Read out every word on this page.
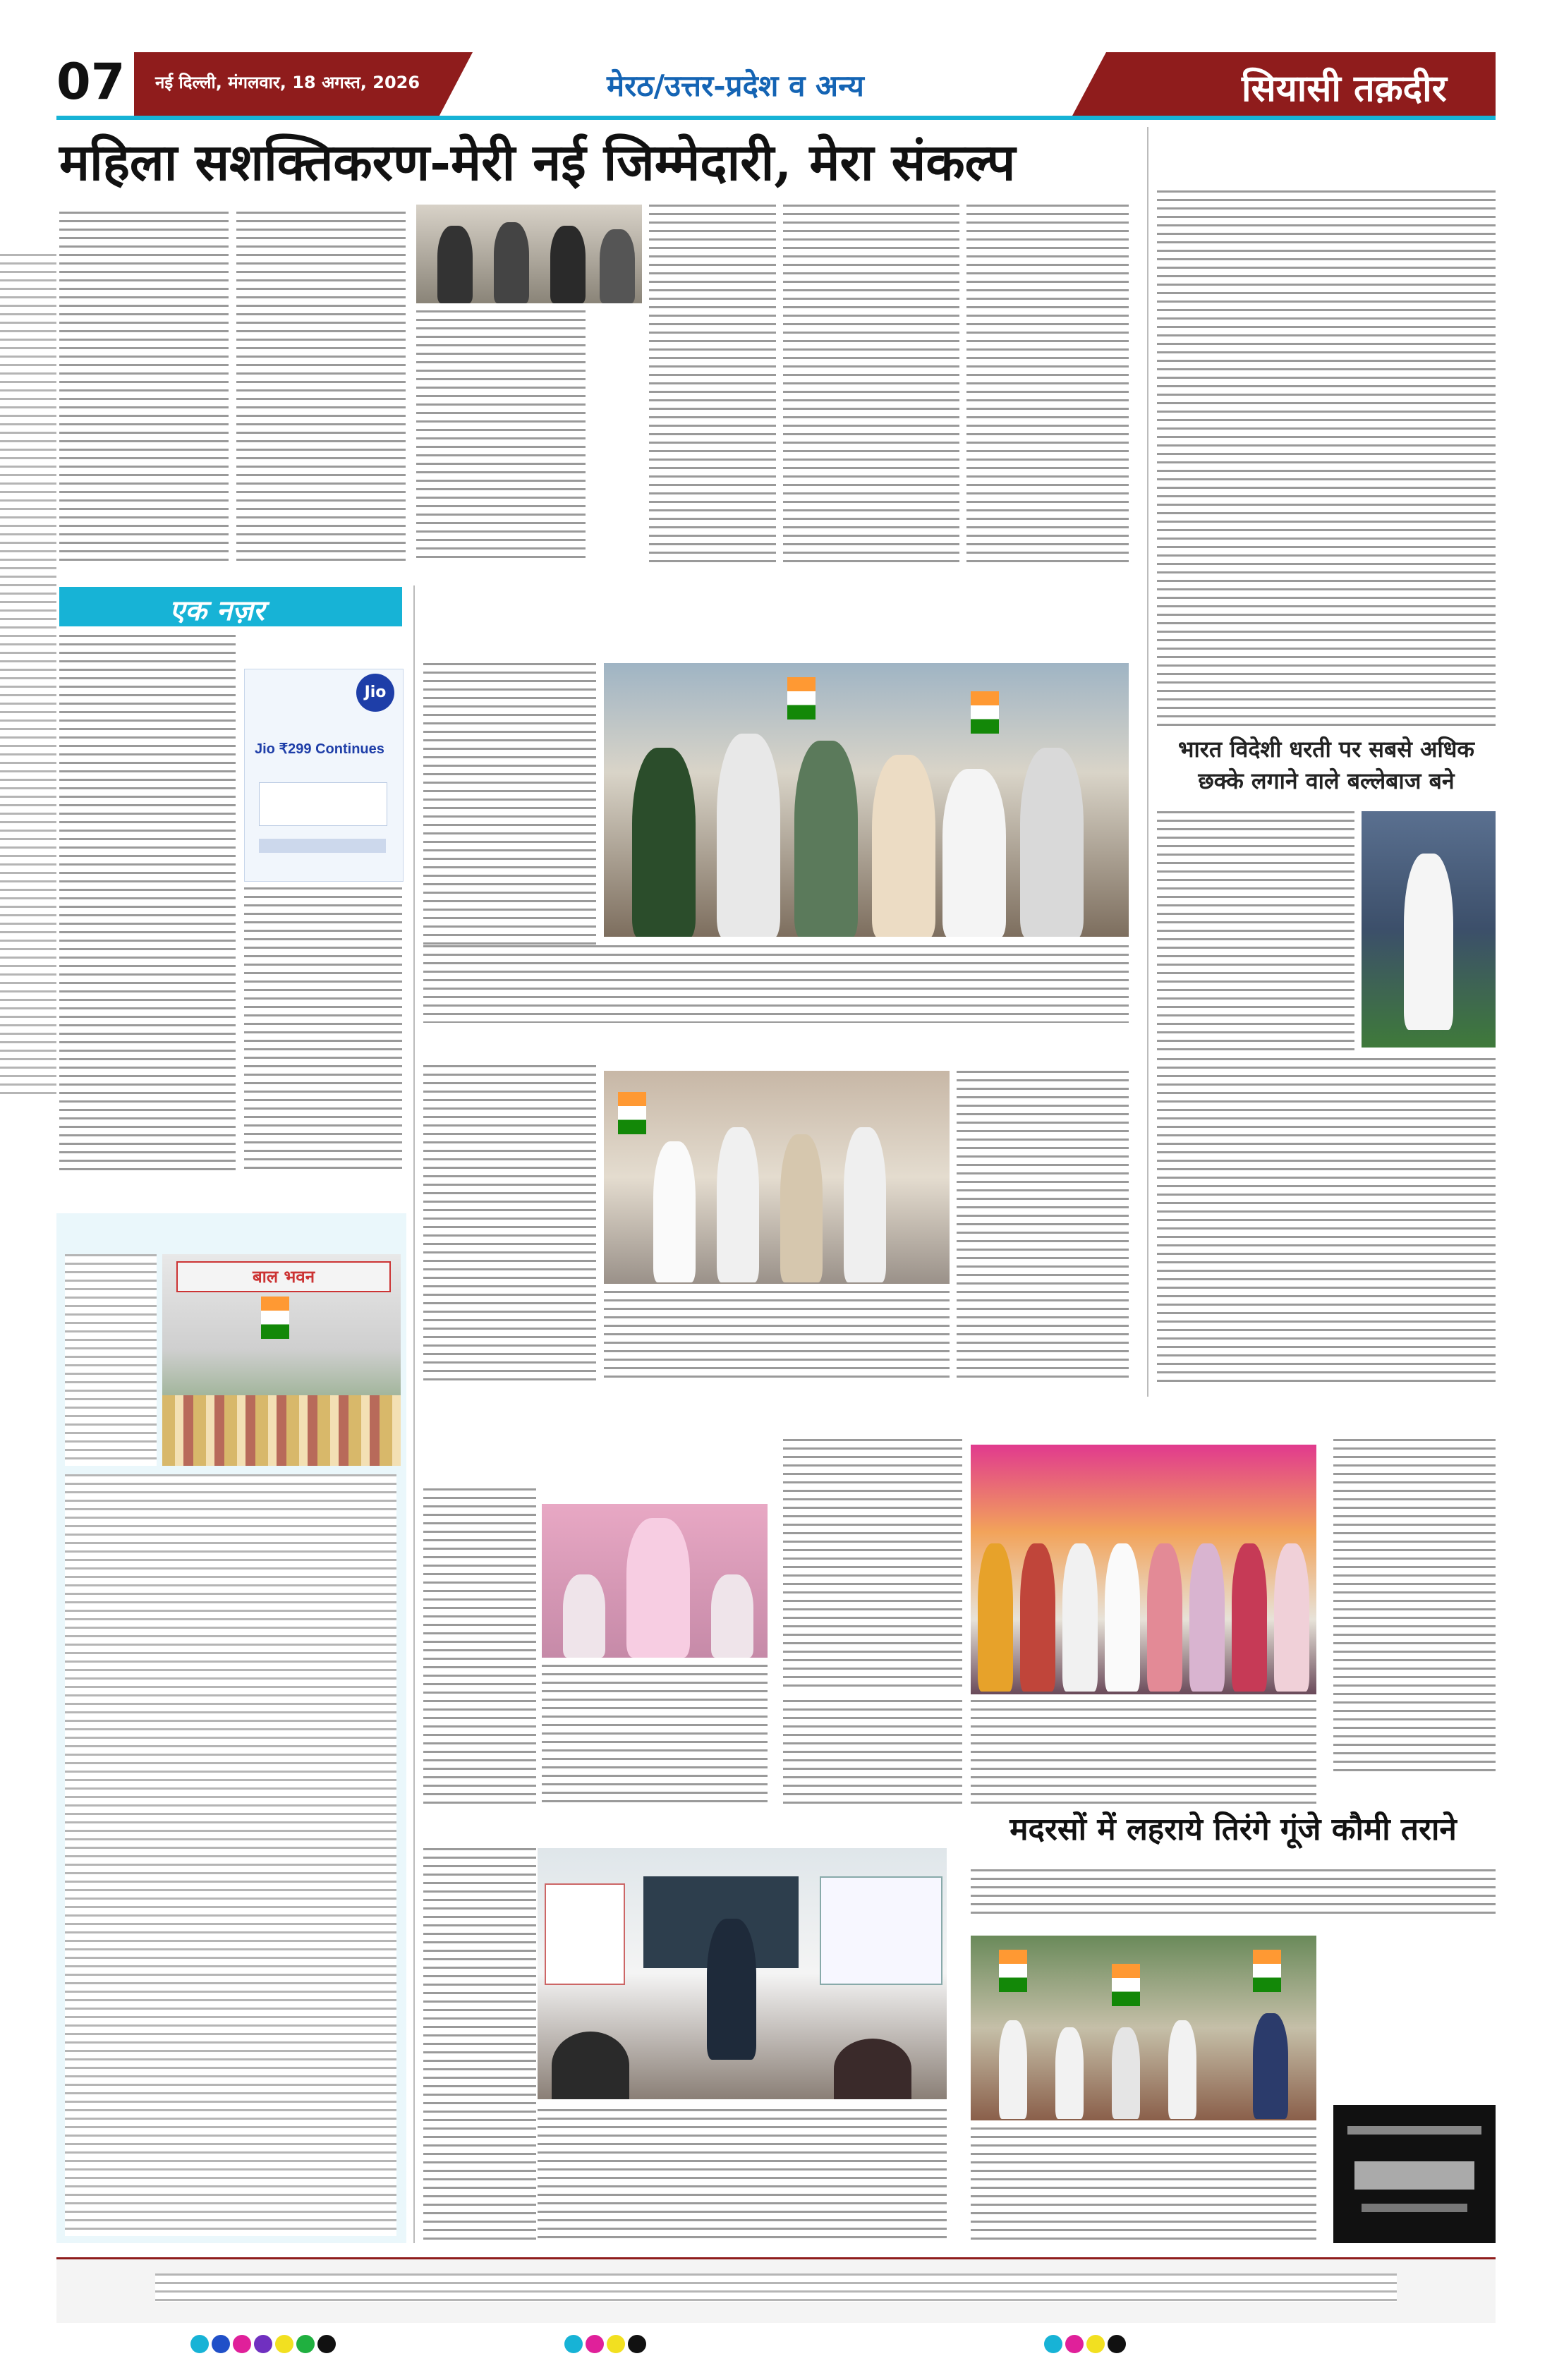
07 नई दिल्ली, मंगलवार, 18 अगस्त, 2026	मेरठ/उत्तर-प्रदेश व अन्य	सियासी तक़दीर
महिला सशक्तिकरण-मेरी नई जिम्मेदारी, मेरा संकल्प
एक नज़र
Jio
Jio ₹299 Continues	भारत विदेशी धरती पर सबसे अधिक छक्के लगाने वाले बल्लेबाज बने
बाल भवन
मदरसों में लहराये तिरंगे गूंजे कौमी तराने
